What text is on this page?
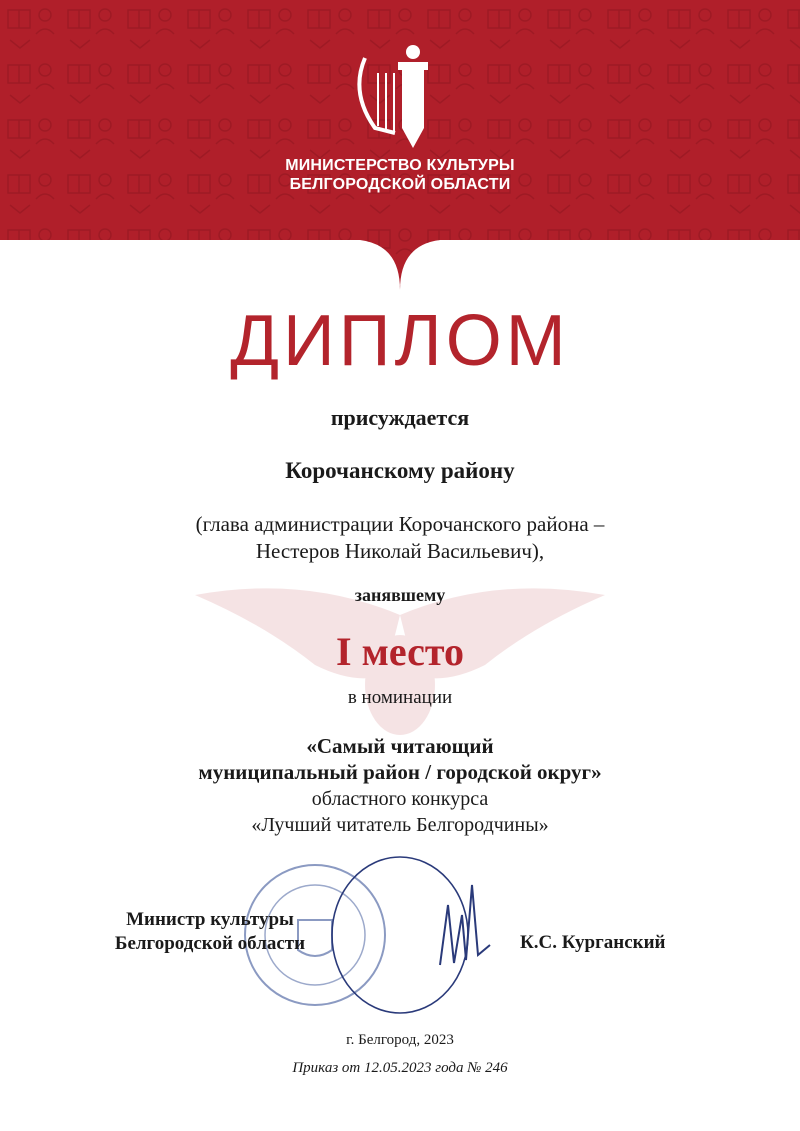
МИНИСТЕРСТВО КУЛЬТУРЫ
БЕЛГОРОДСКОЙ ОБЛАСТИ
ДИПЛОМ
присуждается
Корочанскому району
(глава администрации Корочанского района –
Нестеров Николай Васильевич),
занявшему
I место
в номинации
«Самый читающий
муниципальный район / городской округ»
областного конкурса
«Лучший читатель Белгородчины»
Министр культуры
Белгородской области	К.С. Курганский
г. Белгород, 2023
Приказ от 12.05.2023 года № 246
